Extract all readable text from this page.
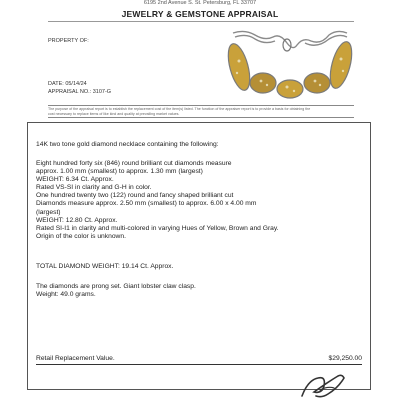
6195 2nd Avenue S. St. Petersburg, FL 33707
JEWELRY & GEMSTONE APPRAISAL
PROPERTY OF:
DATE: 05/14/24
APPRAISAL NO.: 3107-G
The purpose of the appraisal report is to establish the replacement cost of the item(s) listed. The function of the appraiser report is to provide a basis for obtaining the
cost necessary to replace items of like kind and quality at prevailing market values.
14K two tone gold diamond necklace containing the following:
Eight hundred forty six (846) round brilliant cut diamonds measure
approx. 1.00 mm (smallest) to approx. 1.30 mm (largest)
WEIGHT: 6.34 Ct. Approx.
Rated VS-SI in clarity and G-H in color.
One hundred twenty two (122) round and fancy shaped brilliant cut
Diamonds measure approx. 2.50 mm (smallest) to approx. 6.00 x 4.00 mm
(largest)
WEIGHT: 12.80 Ct. Approx.
Rated SI-I1 in clarity and multi-colored in varying Hues of Yellow, Brown and Gray.
Origin of the color is unknown.
TOTAL DIAMOND WEIGHT: 19.14 Ct. Approx.
The diamonds are prong set. Giant lobster claw clasp.
Weight: 49.0 grams.
Retail Replacement Value.	$29,250.00
